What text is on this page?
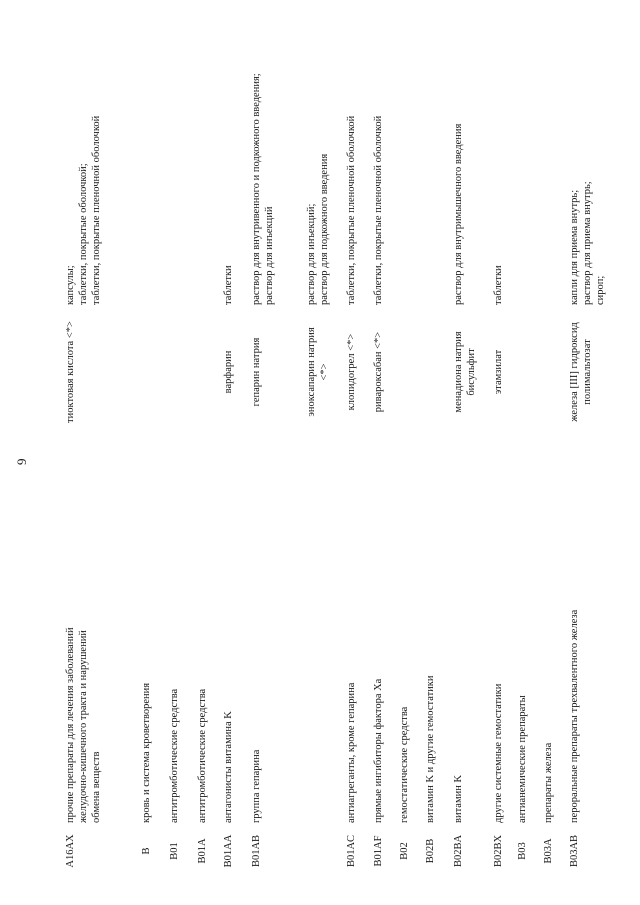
9
A16AX
прочие препараты для лечения заболеваний желудочно-кишечного тракта и нарушений обмена веществ
тиоктовая кислота <*>
капсулы; таблетки, покрытые оболочкой; таблетки, покрытые пленочной оболочкой
B
кровь и система кроветворения
B01
антитромботические средства
B01A
антитромботические средства
B01AA
антагонисты витамина K
варфарин
таблетки
B01AB
группа гепарина
гепарин натрия
раствор для внутривенного и подкожного введения; раствор для инъекций
эноксапарин натрия <*>
раствор для инъекций; раствор для подкожного введения
B01AC
антиагреганты, кроме гепарина
клопидогрел <*>
таблетки, покрытые пленочной оболочкой
B01AF
прямые ингибиторы фактора Xa
ривароксабан <*>
таблетки, покрытые пленочной оболочкой
B02
гемостатические средства
B02B
витамин K и другие гемостатики
B02BA
витамин K
менадиона натрия бисульфит
раствор для внутримышечного введения
B02BX
другие системные гемостатики
этамзилат
таблетки
B03
антианемические препараты
B03A
препараты железа
B03AB
пероральные препараты трехвалентного железа
железа [III] гидроксид полимальтозат
капли для приема внутрь; раствор для приема внутрь; сироп;
